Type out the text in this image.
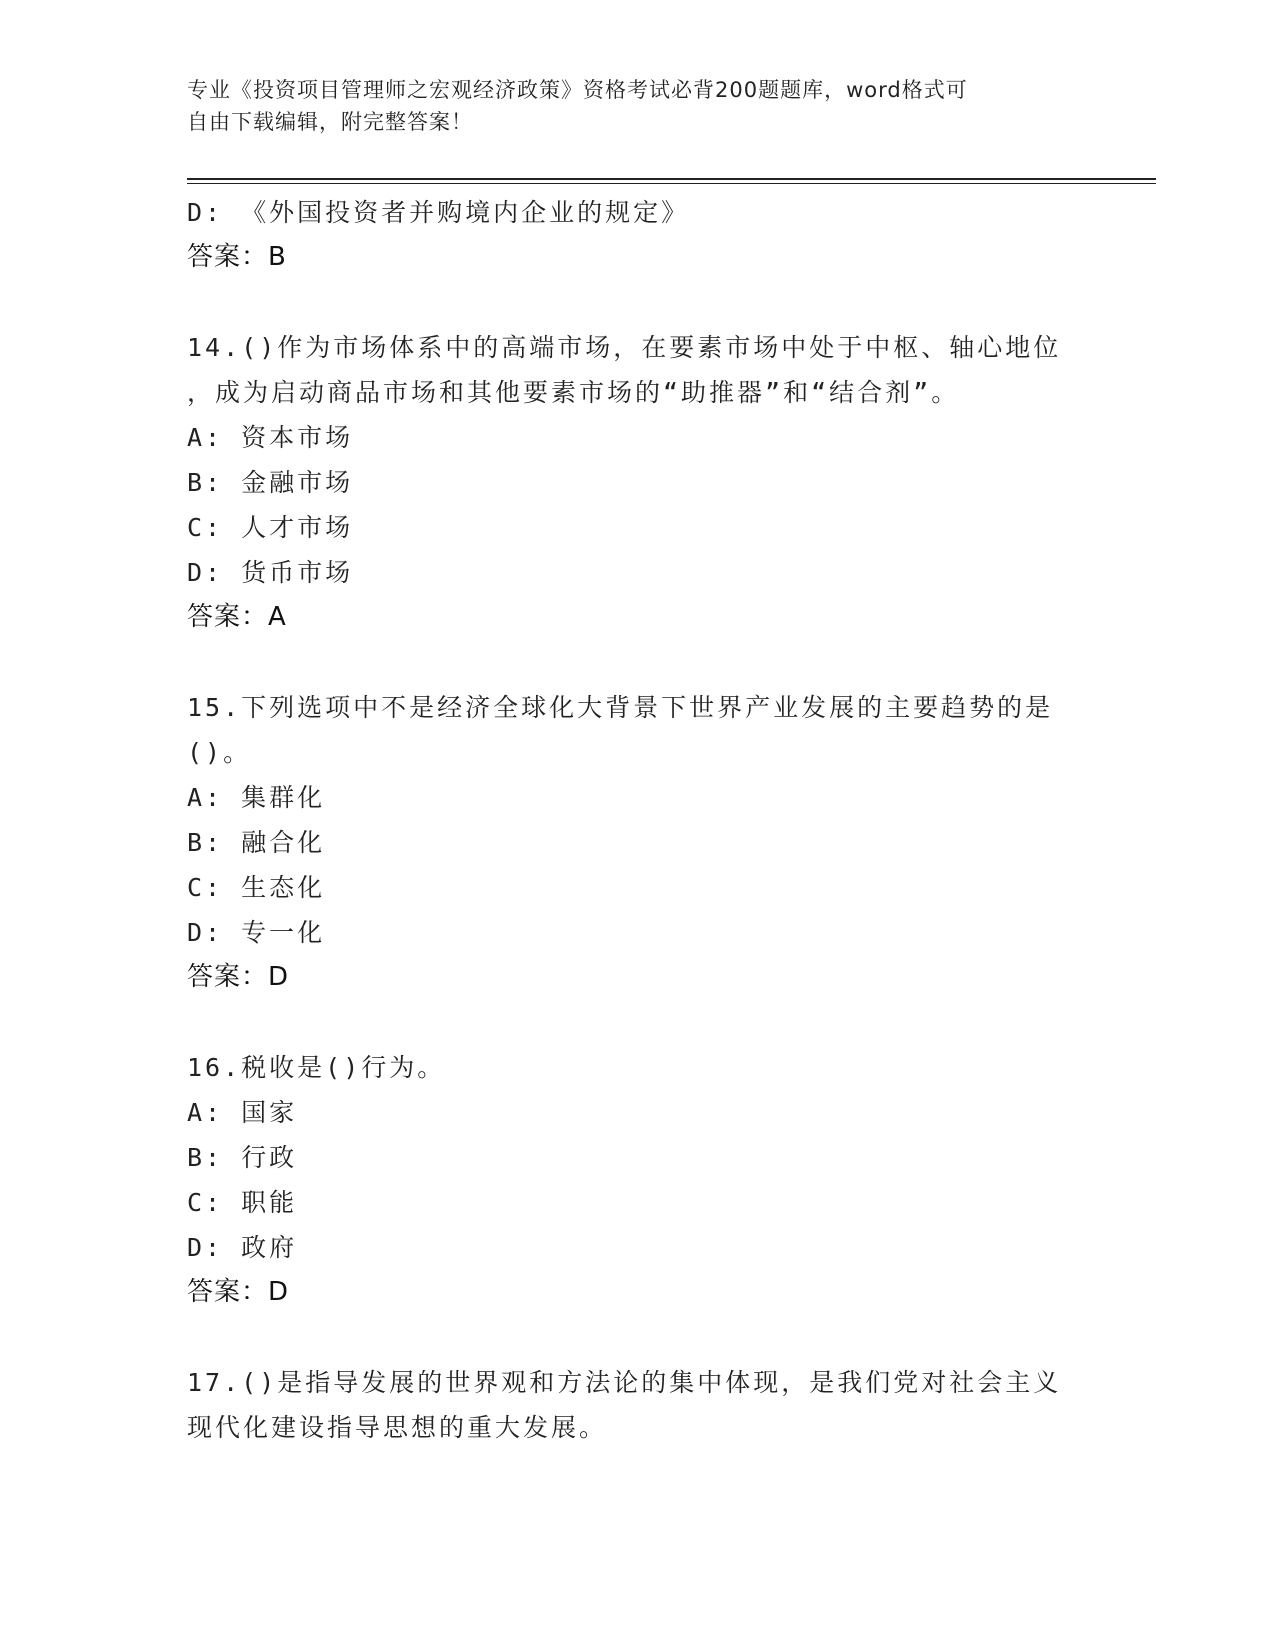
专业《投资项目管理师之宏观经济政策》资格考试必背200题题库，word格式可
自由下载编辑，附完整答案！
D: 《外国投资者并购境内企业的规定》
答案：B
14.()作为市场体系中的高端市场，在要素市场中处于中枢、轴心地位
，成为启动商品市场和其他要素市场的“助推器”和“结合剂”。
A: 资本市场
B: 金融市场
C: 人才市场
D: 货币市场
答案：A
15.下列选项中不是经济全球化大背景下世界产业发展的主要趋势的是
()。
A: 集群化
B: 融合化
C: 生态化
D: 专一化
答案：D
16.税收是()行为。
A: 国家
B: 行政
C: 职能
D: 政府
答案：D
17.()是指导发展的世界观和方法论的集中体现，是我们党对社会主义
现代化建设指导思想的重大发展。
